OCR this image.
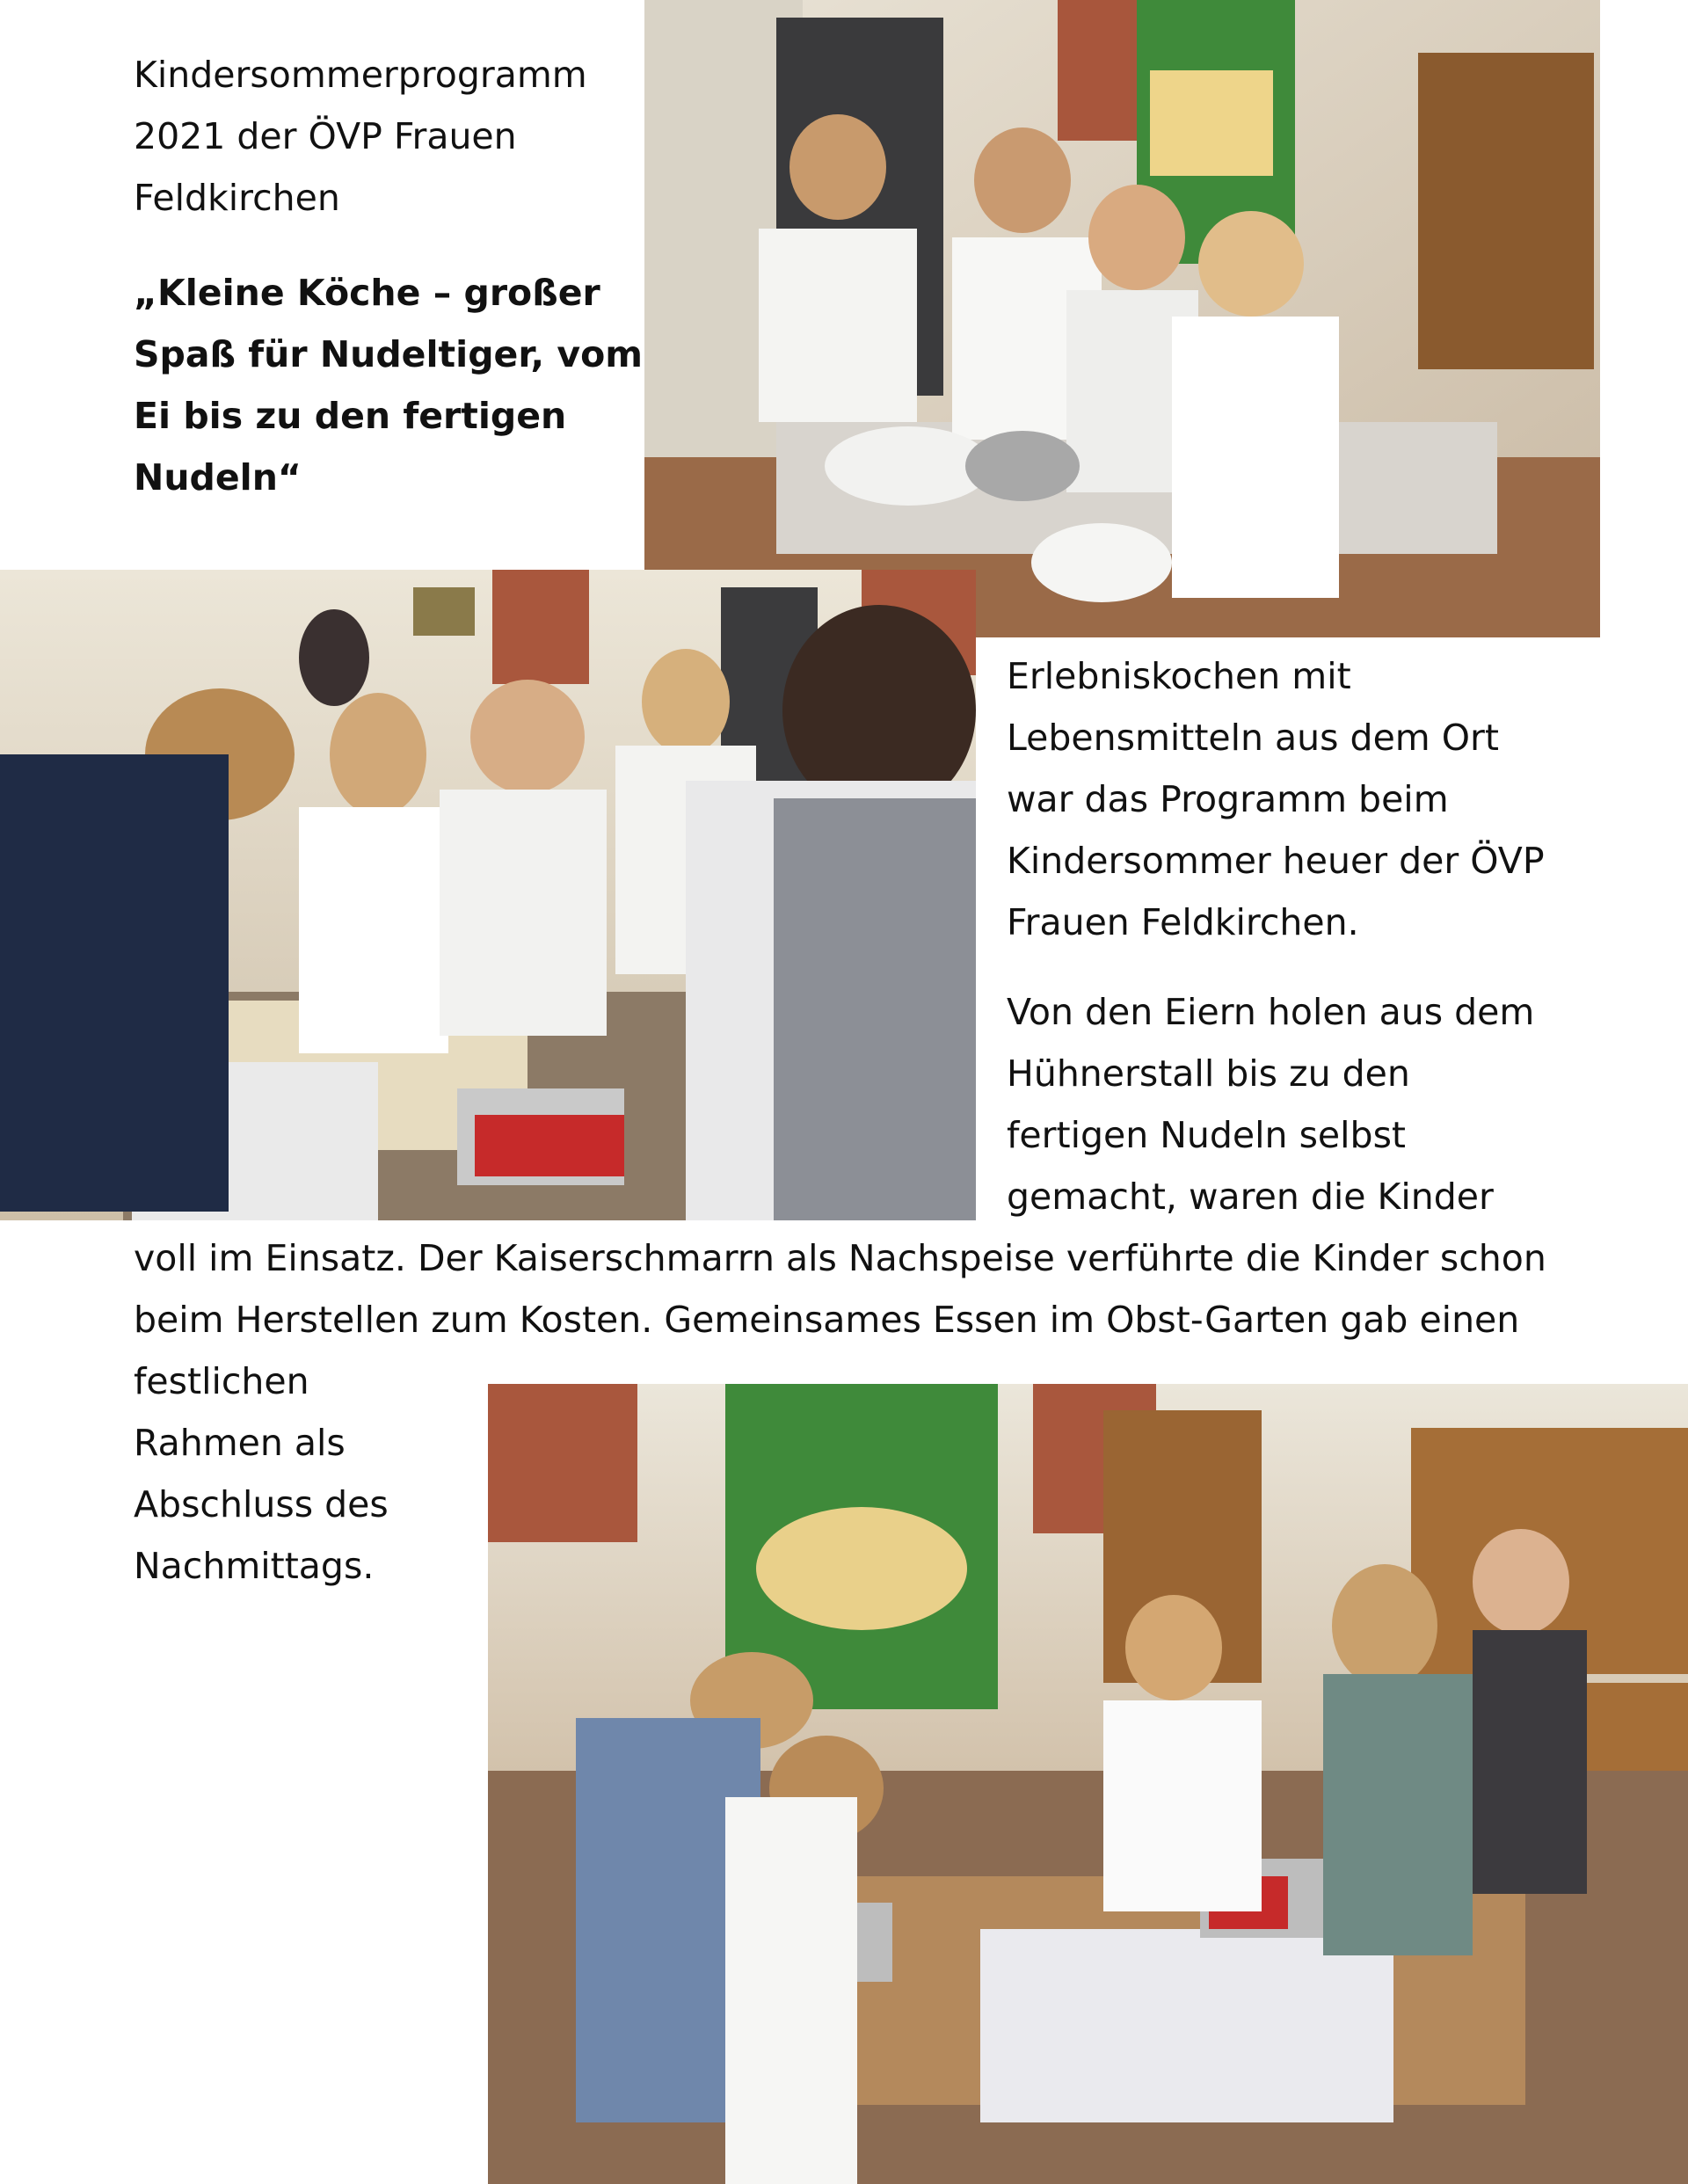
Kindersommerprogramm

2021 der ÖVP Frauen

Feldkirchen

„Kleine Köche – großer

Spaß für Nudeltiger, vom

Ei bis zu den fertigen

Nudeln“

Erlebniskochen mit

Lebensmitteln aus dem Ort

war das Programm beim

Kindersommer heuer der ÖVP

Frauen Feldkirchen.

Von den Eiern holen aus dem

Hühnerstall bis zu den

fertigen Nudeln selbst

gemacht, waren die Kinder

voll im Einsatz. Der Kaiserschmarrn als Nachspeise verführte die Kinder schon

beim Herstellen zum Kosten. Gemeinsames Essen im Obst-Garten gab einen

festlichen

Rahmen als

Abschluss des

Nachmittags.
